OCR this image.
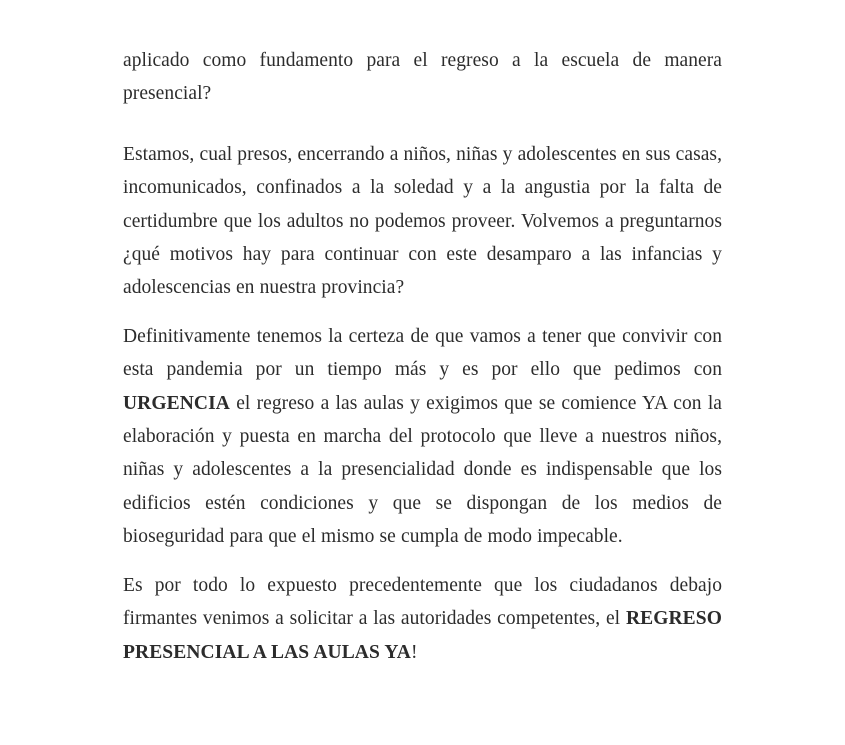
aplicado como fundamento para el regreso a la escuela de manera presencial?

Estamos, cual presos, encerrando a niños, niñas y adolescentes en sus casas, incomunicados, confinados a la soledad y a la angustia por la falta de certidumbre que los adultos no podemos proveer. Volvemos a preguntarnos ¿qué motivos hay para continuar con este desamparo a las infancias y adolescencias en nuestra provincia?

Definitivamente tenemos la certeza de que vamos a tener que convivir con esta pandemia por un tiempo más y es por ello que pedimos con URGENCIA el regreso a las aulas y exigimos que se comience YA con la elaboración y puesta en marcha del protocolo que lleve a nuestros niños, niñas y adolescentes a la presencialidad donde es indispensable que los edificios estén condiciones y que se dispongan de los medios de bioseguridad para que el mismo se cumpla de modo impecable.

Es por todo lo expuesto precedentemente que los ciudadanos debajo firmantes venimos a solicitar a las autoridades competentes, el REGRESO PRESENCIAL A LAS AULAS YA!
